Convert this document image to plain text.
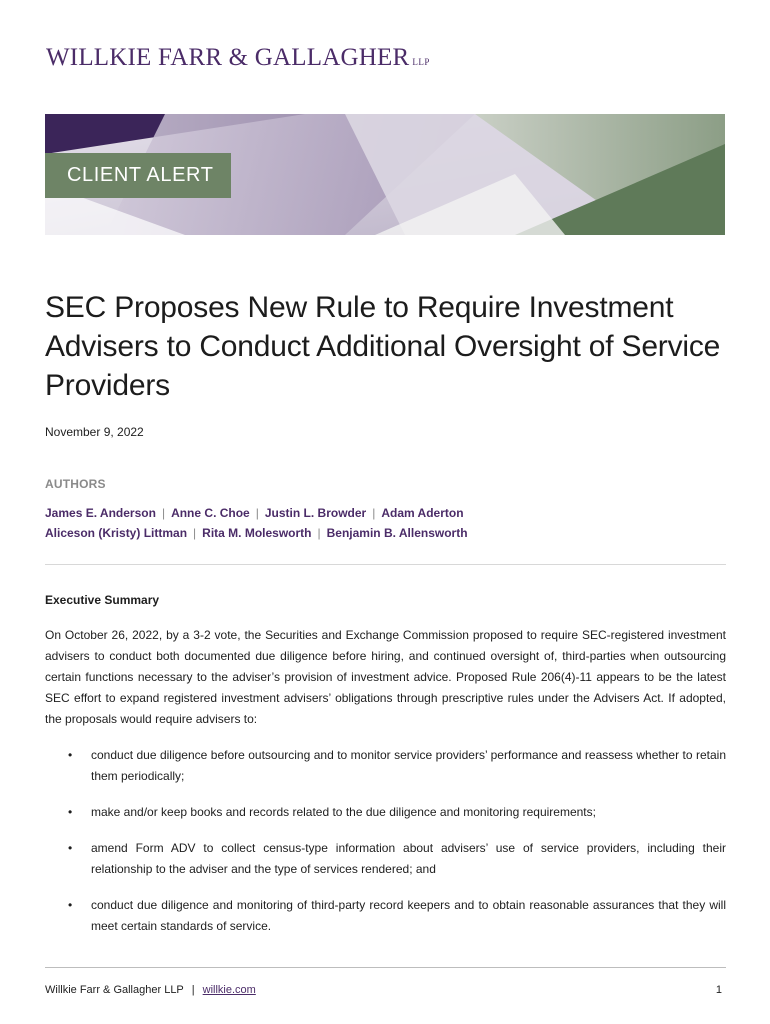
WILLKIE FARR & GALLAGHER LLP
CLIENT ALERT
SEC Proposes New Rule to Require Investment Advisers to Conduct Additional Oversight of Service Providers
November 9, 2022
AUTHORS
James E. Anderson | Anne C. Choe | Justin L. Browder | Adam Aderton
Aliceson (Kristy) Littman | Rita M. Molesworth | Benjamin B. Allensworth
Executive Summary

On October 26, 2022, by a 3-2 vote, the Securities and Exchange Commission proposed to require SEC-registered investment advisers to conduct both documented due diligence before hiring, and continued oversight of, third-parties when outsourcing certain functions necessary to the adviser’s provision of investment advice. Proposed Rule 206(4)-11 appears to be the latest SEC effort to expand registered investment advisers’ obligations through prescriptive rules under the Advisers Act. If adopted, the proposals would require advisers to:

• conduct due diligence before outsourcing and to monitor service providers’ performance and reassess whether to retain them periodically;
• make and/or keep books and records related to the due diligence and monitoring requirements;
• amend Form ADV to collect census-type information about advisers’ use of service providers, including their relationship to the adviser and the type of services rendered; and
• conduct due diligence and monitoring of third-party record keepers and to obtain reasonable assurances that they will meet certain standards of service.
Willkie Farr & Gallagher LLP | willkie.com	1
